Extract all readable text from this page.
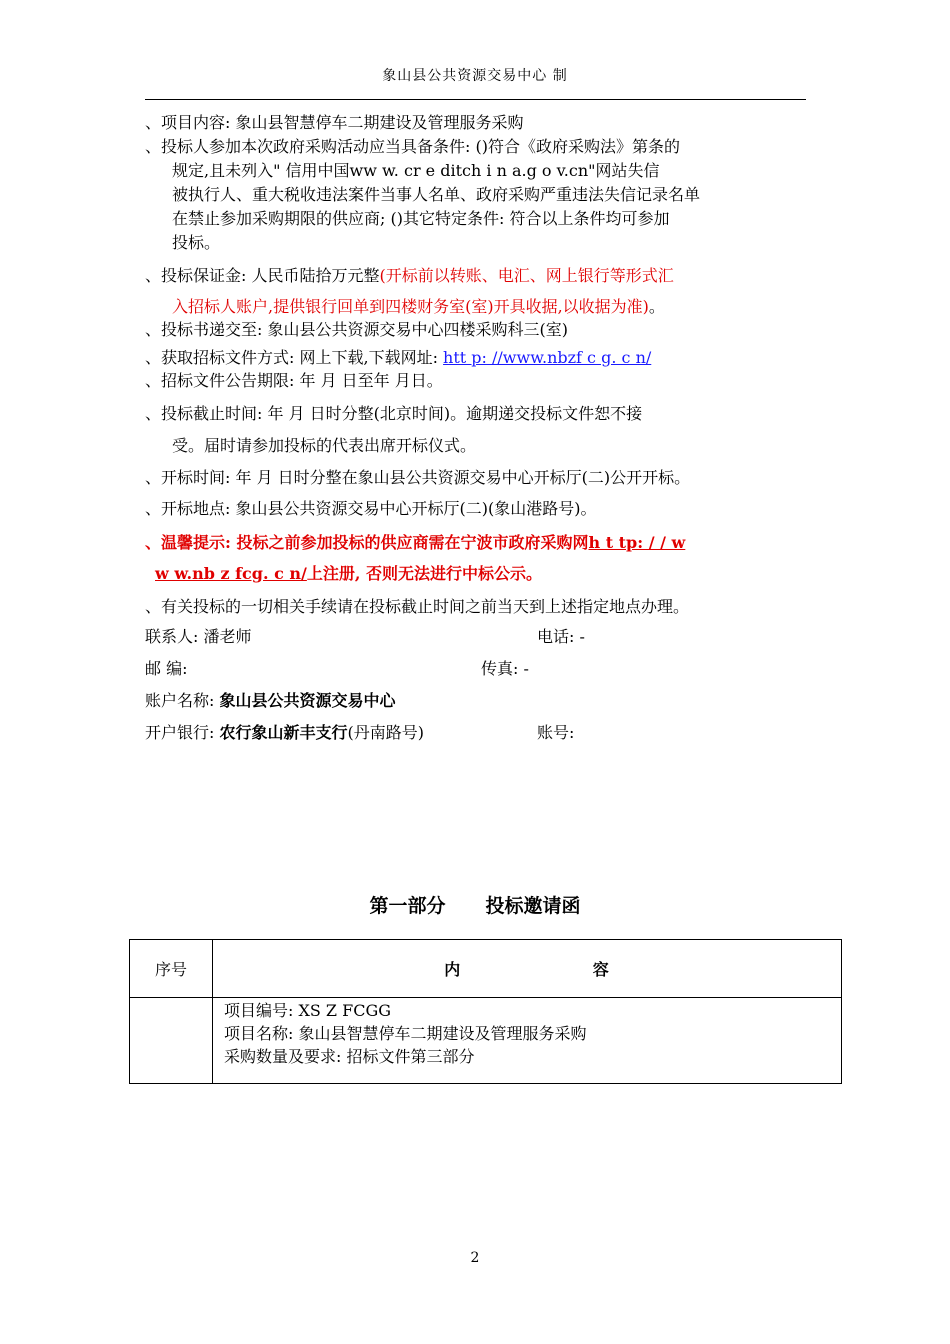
象山县公共资源交易中心 制
、项目内容: 象山县智慧停车二期建设及管理服务采购
、投标人参加本次政府采购活动应当具备条件: ()符合《政府采购法》第条的
规定,且未列入" 信用中国ww w. cr e ditch i n a.g o v.cn"网站失信
被执行人、重大税收违法案件当事人名单、政府采购严重违法失信记录名单
在禁止参加采购期限的供应商; ()其它特定条件: 符合以上条件均可参加
投标。
、投标保证金: 人民币陆拾万元整(开标前以转账、电汇、网上银行等形式汇
入招标人账户,提供银行回单到四楼财务室(室)开具收据,以收据为准)。
、投标书递交至: 象山县公共资源交易中心四楼采购科三(室)
、获取招标文件方式: 网上下载,下载网址: htt p: //www.nbzf c g. c n/
、招标文件公告期限: 年 月 日至年 月日。
、投标截止时间: 年 月 日时分整(北京时间)。逾期递交投标文件恕不接
受。届时请参加投标的代表出席开标仪式。
、开标时间: 年 月 日时分整在象山县公共资源交易中心开标厅(二)公开开标。
、开标地点: 象山县公共资源交易中心开标厅(二)(象山港路号)。
、温馨提示: 投标之前参加投标的供应商需在宁波市政府采购网h t tp: / / w
w w.nb z fcg. c n/上注册, 否则无法进行中标公示。
、有关投标的一切相关手续请在投标截止时间之前当天到上述指定地点办理。
联系人: 潘老师	电话: -
邮 编:	传真: -
账户名称: 象山县公共资源交易中心
开户银行: 农行象山新丰支行(丹南路号)	账号:
第一部分 投标邀请函
序号	内                    容

	项目编号: XS Z FCGG
项目名称: 象山县智慧停车二期建设及管理服务采购
采购数量及要求: 招标文件第三部分
2
